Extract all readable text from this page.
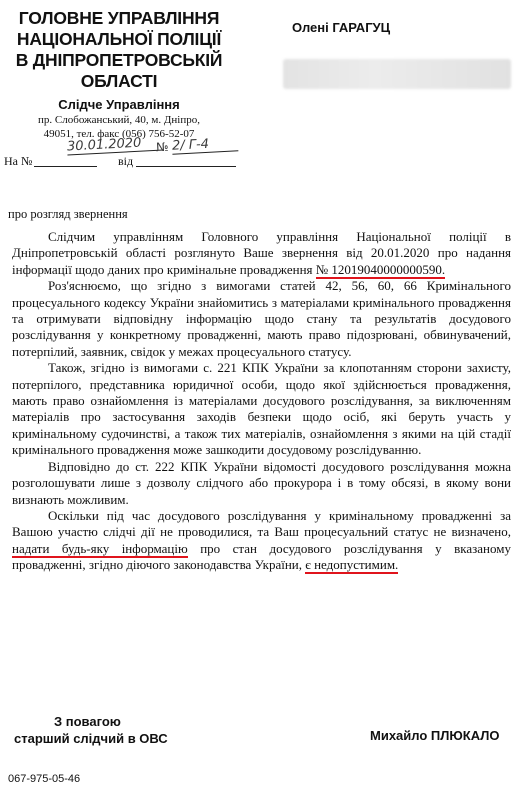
ГОЛОВНЕ УПРАВЛІННЯ
НАЦІОНАЛЬНОЇ ПОЛІЦІЇ
В ДНІПРОПЕТРОВСЬКІЙ
ОБЛАСТІ
Слідче Управління
пр. Слобожанський, 40, м. Дніпро,
49051, тел. факс (056) 756-52-07
На №	від
30.01.2020	№ 2/ Г-4
Олені ГАРАГУЦ
про розгляд звернення

Слідчим управлінням Головного управління Національної поліції в Дніпропетровській області розглянуто Ваше звернення від 20.01.2020 про надання інформації щодо даних про кримінальне провадження № 12019040000000590.

Роз'яснюємо, що згідно з вимогами статей 42, 56, 60, 66 Кримінального процесуального кодексу України знайомитись з матеріалами кримінального провадження та отримувати відповідну інформацію щодо стану та результатів досудового розслідування у конкретному провадженні, мають право підозрювані, обвинувачений, потерпілий, заявник, свідок у межах процесуального статусу.

Також, згідно із вимогами с. 221 КПК України за клопотанням сторони захисту, потерпілого, представника юридичної особи, щодо якої здійснюється провадження, мають право ознайомлення із матеріалами досудового розслідування, за виключенням матеріалів про застосування заходів безпеки щодо осіб, які беруть участь у кримінальному судочинстві, а також тих матеріалів, ознайомлення з якими на цій стадії кримінального провадження може зашкодити досудовому розслідуванню.

Відповідно до ст. 222 КПК України відомості досудового розслідування можна розголошувати лише з дозволу слідчого або прокурора і в тому обсязі, в якому вони визнають можливим.

Оскільки під час досудового розслідування у кримінальному провадженні за Вашою участю слідчі дії не проводилися, та Ваш процесуальний статус не визначено, надати будь-яку інформацію про стан досудового розслідування у вказаному провадженні, згідно діючого законодавства України, є недопустимим.

З повагою
старший слідчий в ОВС	Михайло ПЛЮКАЛО
067-975-05-46
